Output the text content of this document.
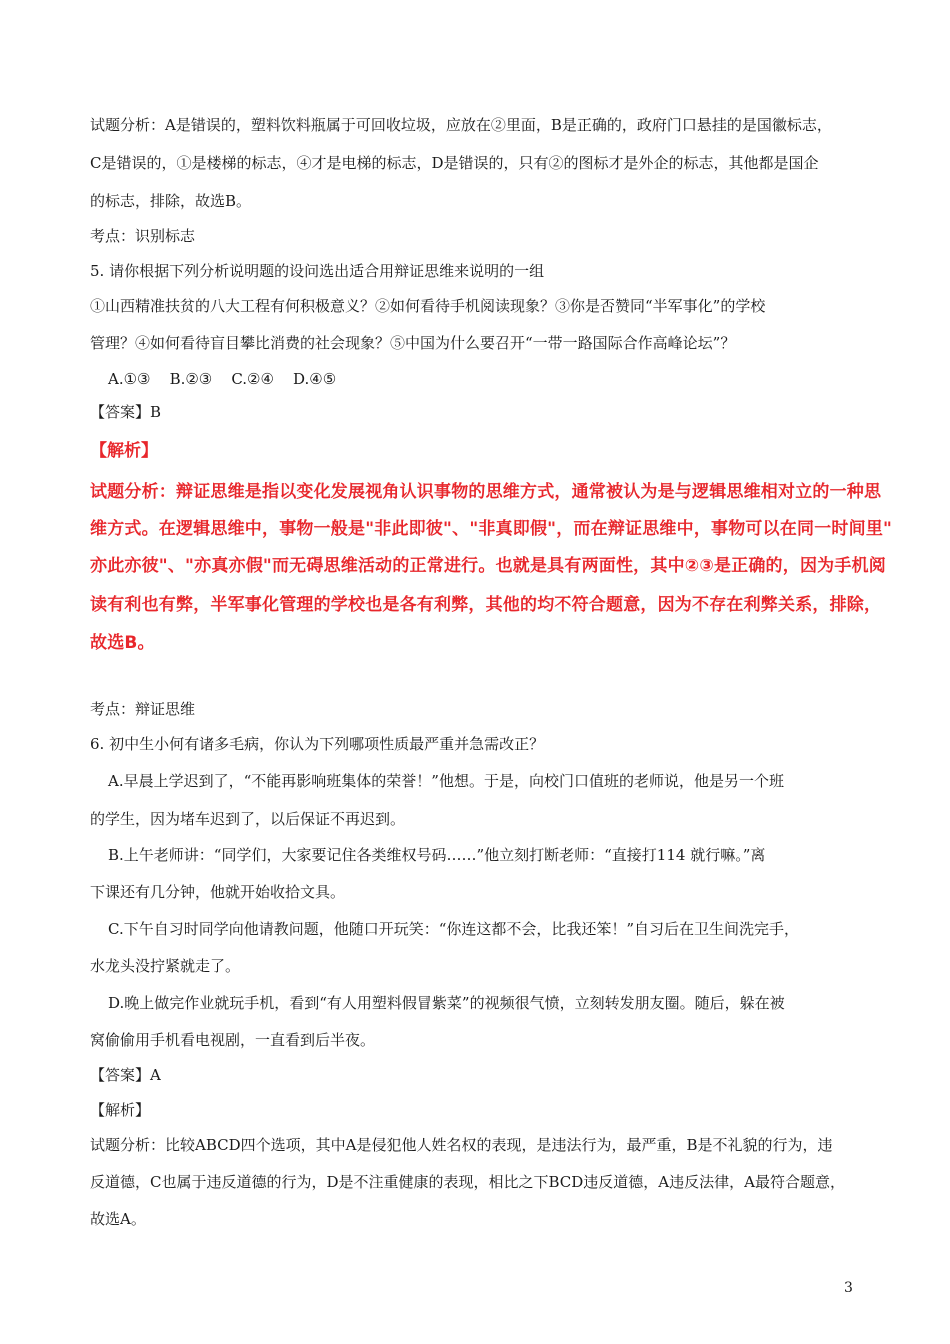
试题分析：A是错误的，塑料饮料瓶属于可回收垃圾，应放在②里面，B是正确的，政府门口悬挂的是国徽标志，

C是错误的，①是楼梯的标志，④才是电梯的标志，D是错误的，只有②的图标才是外企的标志，其他都是国企

的标志，排除，故选B。

考点：识别标志

5. 请你根据下列分析说明题的设问选出适合用辩证思维来说明的一组

①山西精准扶贫的八大工程有何积极意义？②如何看待手机阅读现象？③你是否赞同“半军事化”的学校

管理？④如何看待盲目攀比消费的社会现象？⑤中国为什么要召开“一带一路国际合作高峰论坛”？

A.①③    B.②③    C.②④    D.④⑤

【答案】B

【解析】

试题分析：辩证思维是指以变化发展视角认识事物的思维方式，通常被认为是与逻辑思维相对立的一种思

维方式。在逻辑思维中，事物一般是"非此即彼"、"非真即假"，而在辩证思维中，事物可以在同一时间里"

亦此亦彼"、"亦真亦假"而无碍思维活动的正常进行。也就是具有两面性，其中②③是正确的，因为手机阅

读有利也有弊，半军事化管理的学校也是各有利弊，其他的均不符合题意，因为不存在利弊关系，排除，

故选B。

考点：辩证思维

6. 初中生小何有诸多毛病，你认为下列哪项性质最严重并急需改正？

A.早晨上学迟到了，“不能再影响班集体的荣誉！”他想。于是，向校门口值班的老师说，他是另一个班

的学生，因为堵车迟到了，以后保证不再迟到。

B.上午老师讲：“同学们，大家要记住各类维权号码……”他立刻打断老师：“直接打114 就行嘛。”离

下课还有几分钟，他就开始收拾文具。

C.下午自习时同学向他请教问题，他随口开玩笑：“你连这都不会，比我还笨！”自习后在卫生间洗完手，

水龙头没拧紧就走了。

D.晚上做完作业就玩手机，看到“有人用塑料假冒紫菜”的视频很气愤，立刻转发朋友圈。随后，躲在被

窝偷偷用手机看电视剧，一直看到后半夜。

【答案】A

【解析】

试题分析：比较ABCD四个选项，其中A是侵犯他人姓名权的表现，是违法行为，最严重，B是不礼貌的行为，违

反道德，C也属于违反道德的行为，D是不注重健康的表现，相比之下BCD违反道德，A违反法律，A最符合题意，

故选A。

3
